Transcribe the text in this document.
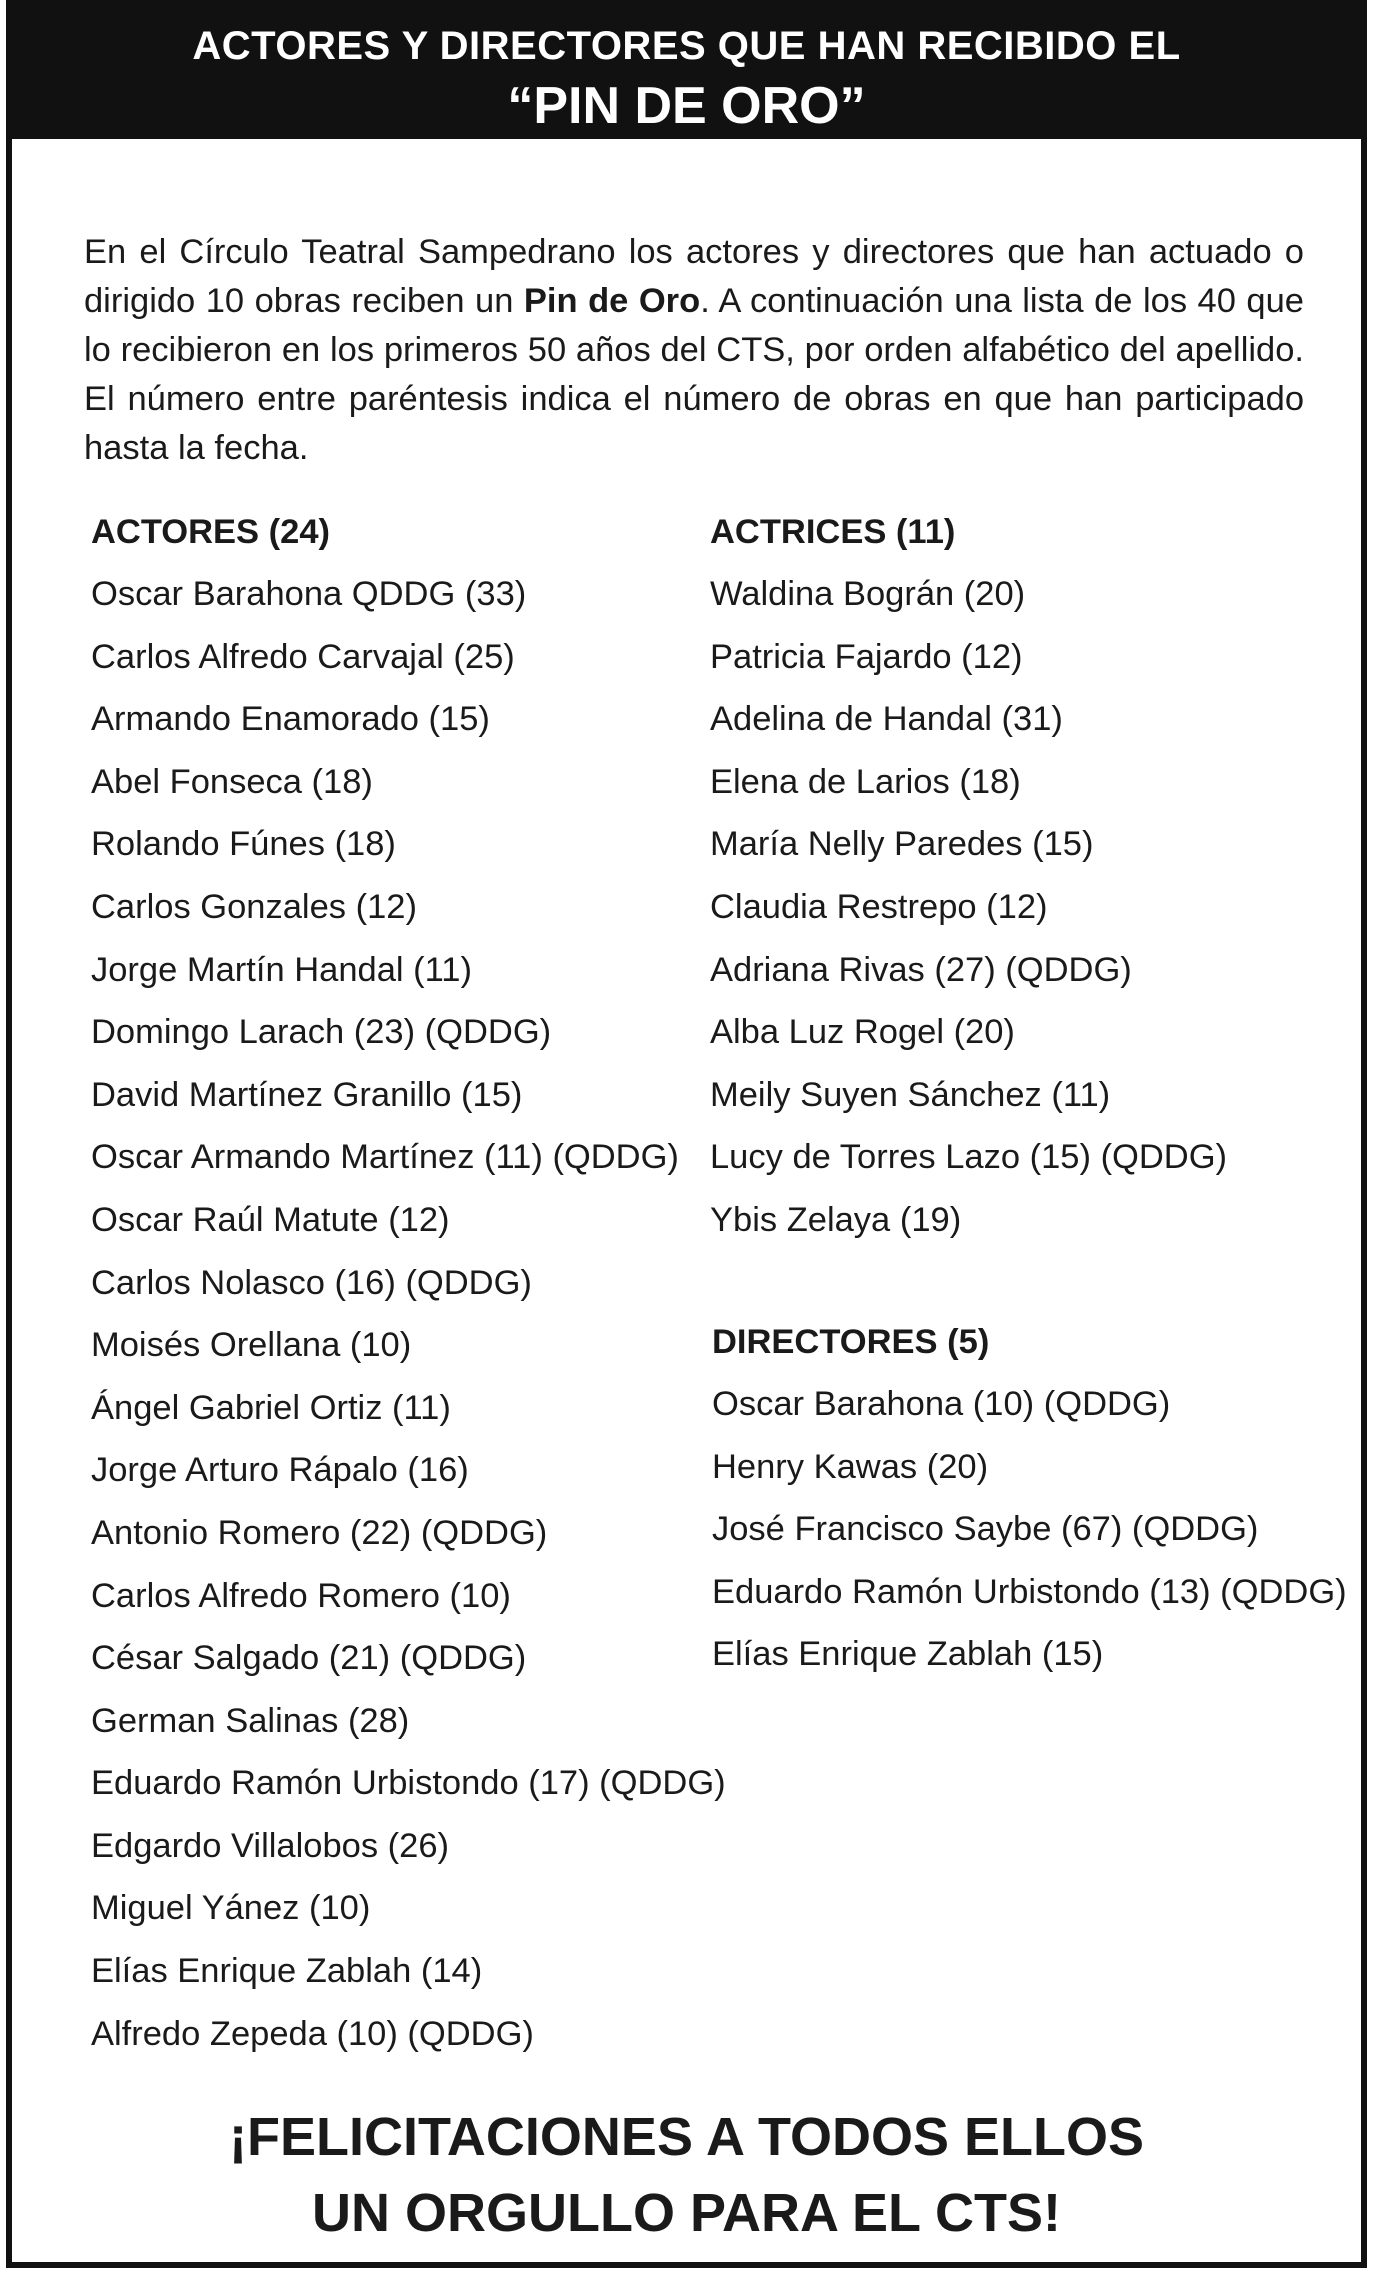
ACTORES Y DIRECTORES QUE HAN RECIBIDO EL
“PIN DE ORO”

En el Círculo Teatral Sampedrano los actores y directores que han actuado o dirigido 10 obras reciben un Pin de Oro. A continuación una lista de los 40 que lo recibieron en los primeros 50 años del CTS, por orden alfabético del apellido. El número entre paréntesis indica el número de obras en que han participado hasta la fecha.

ACTORES (24)
Oscar Barahona QDDG (33)
Carlos Alfredo Carvajal (25)
Armando Enamorado (15)
Abel Fonseca (18)
Rolando Fúnes (18)
Carlos Gonzales (12)
Jorge Martín Handal (11)
Domingo Larach (23) (QDDG)
David Martínez Granillo (15)
Oscar Armando Martínez (11) (QDDG)
Oscar Raúl Matute (12)
Carlos Nolasco (16) (QDDG)
Moisés Orellana (10)
Ángel Gabriel Ortiz (11)
Jorge Arturo Rápalo (16)
Antonio Romero (22) (QDDG)
Carlos Alfredo Romero (10)
César Salgado (21) (QDDG)
German Salinas (28)
Eduardo Ramón Urbistondo (17) (QDDG)
Edgardo Villalobos (26)
Miguel Yánez (10)
Elías Enrique Zablah (14)
Alfredo Zepeda (10) (QDDG)
ACTRICES (11)
Waldina Bográn (20)
Patricia Fajardo (12)
Adelina de Handal (31)
Elena de Larios (18)
María Nelly Paredes (15)
Claudia Restrepo (12)
Adriana Rivas (27) (QDDG)
Alba Luz Rogel (20)
Meily Suyen Sánchez (11)
Lucy de Torres Lazo (15) (QDDG)
Ybis Zelaya (19)
DIRECTORES (5)
Oscar Barahona (10) (QDDG)
Henry Kawas (20)
José Francisco Saybe (67) (QDDG)
Eduardo Ramón Urbistondo (13) (QDDG)
Elías Enrique Zablah (15)
¡FELICITACIONES A TODOS ELLOS
UN ORGULLO PARA EL CTS!
